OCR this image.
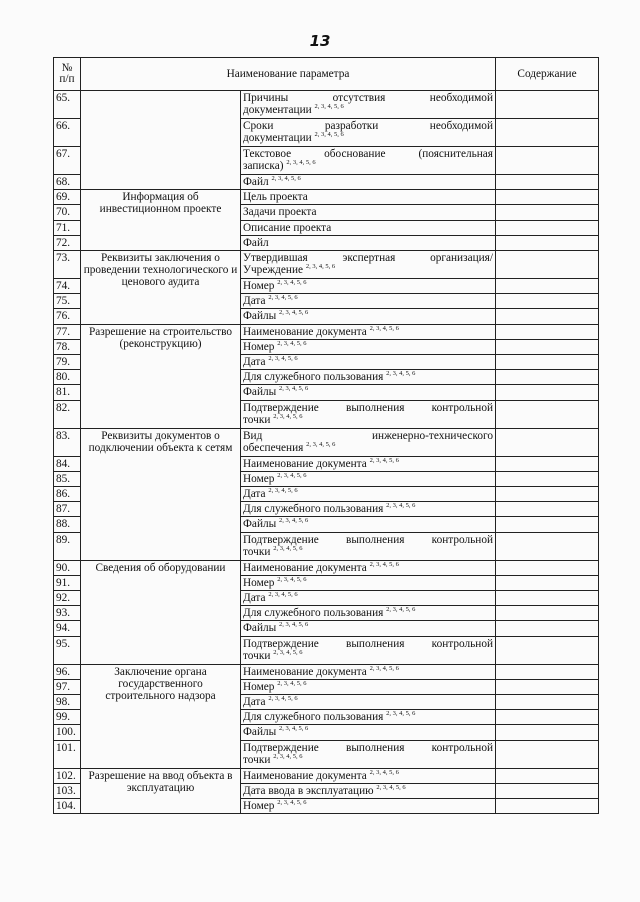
13
№
п/п	Наименование параметра		Содержание
65.		Причины отсутствия необходимой
документации $^{2, 3, 4, 5, 6}$

66.		Сроки разработки необходимой
документации $^{2, 3, 4, 5, 6}$

67.		Текстовое обоснование (пояснительная
записка) $^{2, 3, 4, 5, 6}$

68.		Файл $^{2, 3, 4, 5, 6}$	
69.	Информация об инвестиционном проекте	Цель проекта	
70.		Задачи проекта	
71.		Описание проекта	
72.		Файл	
73.	Реквизиты заключения о проведении технологического и ценового аудита	Утвердившая экспертная организация/
Учреждение $^{2, 3, 4, 5, 6}$

74.		Номер $^{2, 3, 4, 5, 6}$	
75.		Дата $^{2, 3, 4, 5, 6}$	
76.		Файлы $^{2, 3, 4, 5, 6}$	
77.	Разрешение на строительство (реконструкцию)	Наименование документа $^{2, 3, 4, 5, 6}$	
78.		Номер $^{2, 3, 4, 5, 6}$	
79.		Дата $^{2, 3, 4, 5, 6}$	
80.		Для служебного пользования $^{2, 3, 4, 5, 6}$	
81.		Файлы $^{2, 3, 4, 5, 6}$	
82.		Подтверждение выполнения контрольной
точки $^{2, 3, 4, 5, 6}$

83.	Реквизиты документов о подключении объекта к сетям	Вид инженерно-технического
обеспечения $^{2, 3, 4, 5, 6}$

84.		Наименование документа $^{2, 3, 4, 5, 6}$	
85.		Номер $^{2, 3, 4, 5, 6}$	
86.		Дата $^{2, 3, 4, 5, 6}$	
87.		Для служебного пользования $^{2, 3, 4, 5, 6}$	
88.		Файлы $^{2, 3, 4, 5, 6}$	
89.		Подтверждение выполнения контрольной
точки $^{2, 3, 4, 5, 6}$

90.	Сведения об оборудовании	Наименование документа $^{2, 3, 4, 5, 6}$	
91.		Номер $^{2, 3, 4, 5, 6}$	
92.		Дата $^{2, 3, 4, 5, 6}$	
93.		Для служебного пользования $^{2, 3, 4, 5, 6}$	
94.		Файлы $^{2, 3, 4, 5, 6}$	
95.		Подтверждение выполнения контрольной
точки $^{2, 3, 4, 5, 6}$

96.	Заключение органа государственного строительного надзора	Наименование документа $^{2, 3, 4, 5, 6}$	
97.		Номер $^{2, 3, 4, 5, 6}$	
98.		Дата $^{2, 3, 4, 5, 6}$	
99.		Для служебного пользования $^{2, 3, 4, 5, 6}$	
100.		Файлы $^{2, 3, 4, 5, 6}$	
101.		Подтверждение выполнения контрольной
точки $^{2, 3, 4, 5, 6}$

102.	Разрешение на ввод объекта в эксплуатацию	Наименование документа $^{2, 3, 4, 5, 6}$	
103.		Дата ввода в эксплуатацию $^{2, 3, 4, 5, 6}$	
104.		Номер $^{2, 3, 4, 5, 6}$	
